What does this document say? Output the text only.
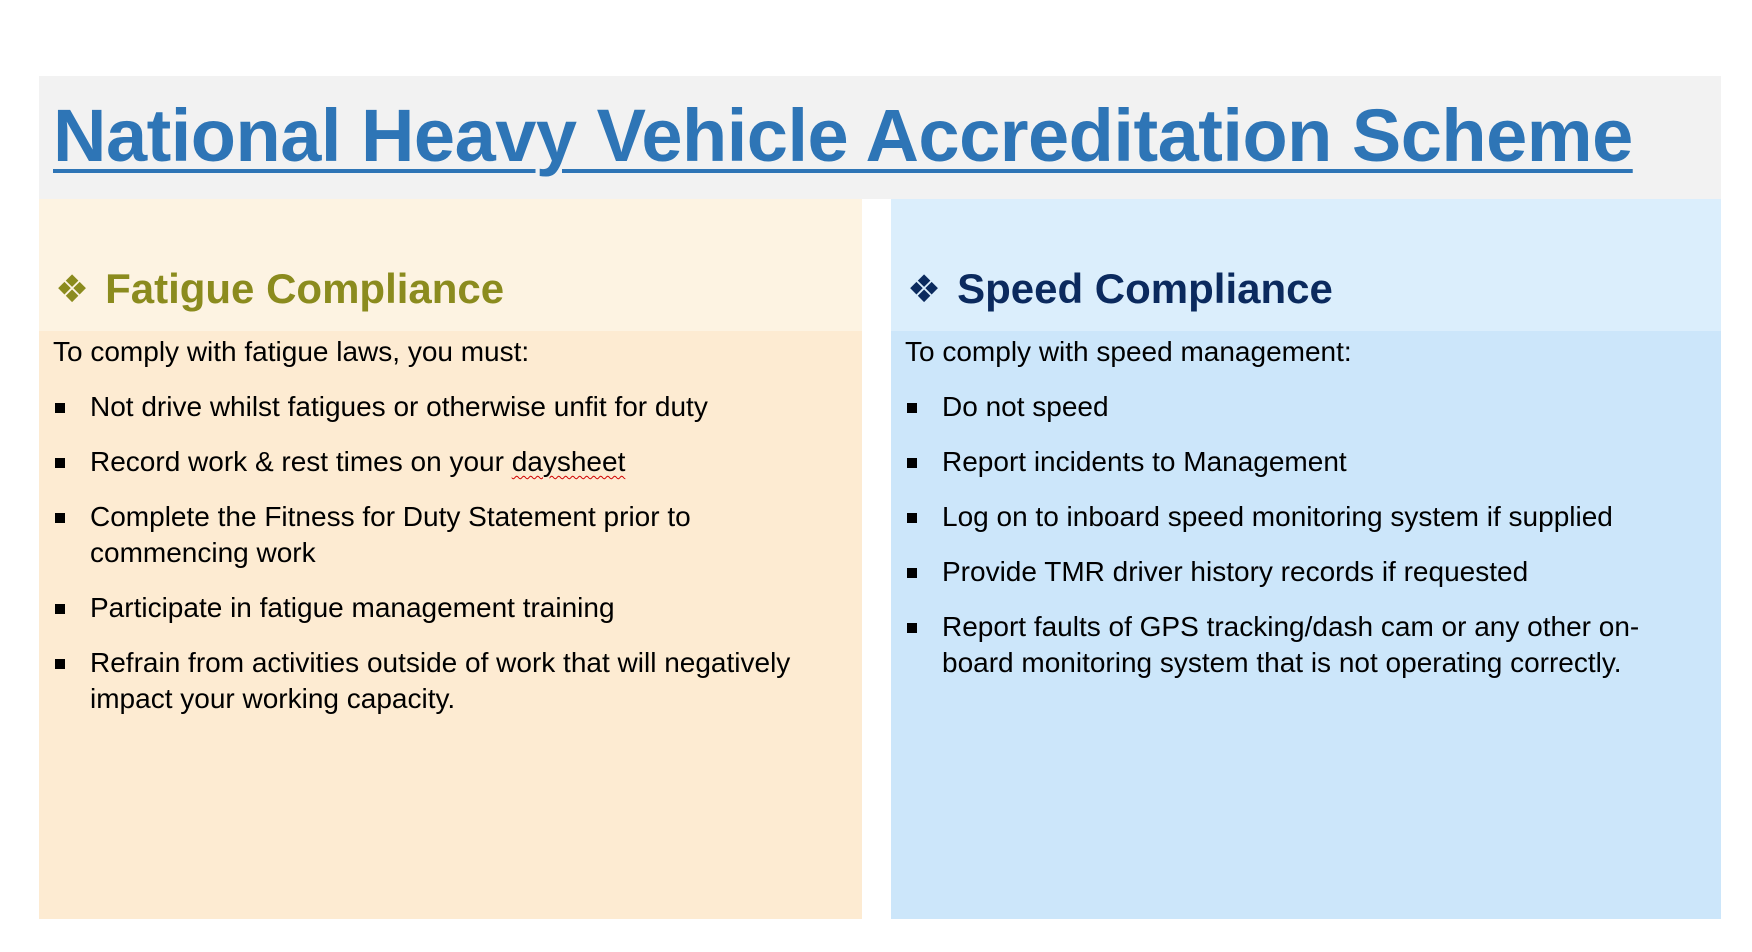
National Heavy Vehicle Accreditation Scheme
❖ Fatigue Compliance

To comply with fatigue laws, you must:

Not drive whilst fatigues or otherwise unfit for duty
Record work & rest times on your daysheet
Complete the Fitness for Duty Statement prior to commencing work
Participate in fatigue management training
Refrain from activities outside of work that will negatively impact your working capacity.
❖ Speed Compliance

To comply with speed management:

Do not speed
Report incidents to Management
Log on to inboard speed monitoring system if supplied
Provide TMR driver history records if requested
Report faults of GPS tracking/dash cam or any other on-board monitoring system that is not operating correctly.
